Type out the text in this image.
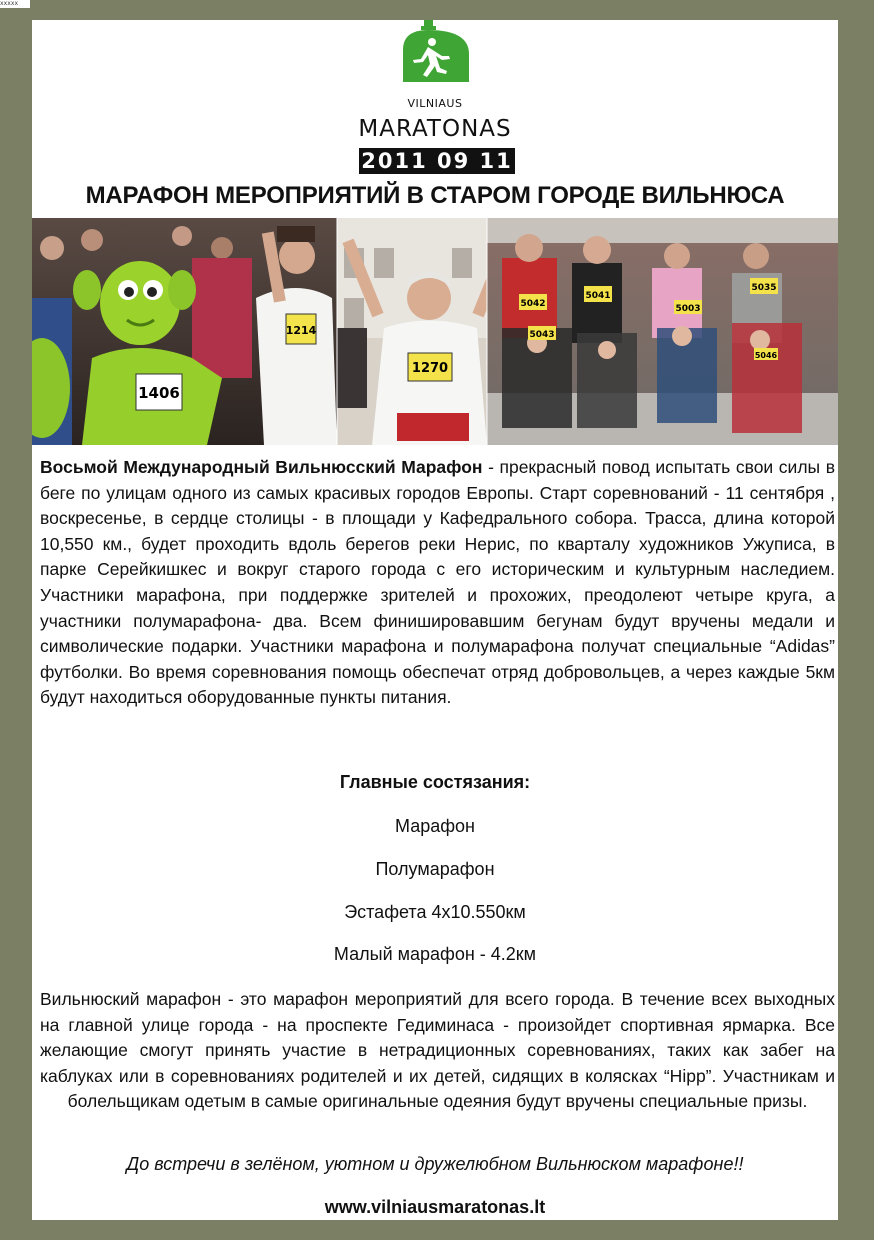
xxxxx
VILNIAUS
MARATONAS
2011 09 11
МАРАФОН МЕРОПРИЯТИЙ В СТАРОМ ГОРОДЕ ВИЛЬНЮСА
1406
1214
1270
5042
5041
5035
5043
5003
5046
Восьмой Международный Вильнюсский Марафон - прекрасный повод испытать свои силы в беге по улицам одного из самых красивых городов Европы. Старт соревнований - 11 сентября , воскресенье, в сердце столицы - в площади у Кафедрального собора. Трасса, длина которой 10,550 км., будет проходить вдоль берегов реки Нерис, по кварталу художников Ужуписа, в парке Серейкишкес и вокруг старого города с его историческим и культурным наследием. Участники марафона, при поддержке зрителей и прохожих, преодолеют четыре круга, а участники полумарафона- два. Всем финишировавшим бегунам будут вручены медали и символические подарки. Участники марафона и полумарафона получат специальные “Adidas” футболки. Во время соревнования помощь обеспечат отряд добровольцев, а через каждые 5км будут находиться оборудованные пункты питания.
Главные состязания:
Марафон
Полумарафон
Эстафета 4x10.550км
Малый марафон - 4.2км
Вильнюский марафон - это марафон мероприятий для всего города. В течение всех выходных на главной улице города - на проспекте Гедиминаса - произойдет спортивная ярмарка. Все желающие смогут принять участие в нетрадиционных соревнованиях, таких как забег на каблуках или в соревнованиях родителей и их детей, сидящих в колясках “Hipp”. Участникам и болельщикам одетым в самые оригинальные одеяния будут вручены специальные призы.
До встречи в зелёном, уютном и дружелюбном Вильнюском марафоне!!
www.vilniausmaratonas.lt
